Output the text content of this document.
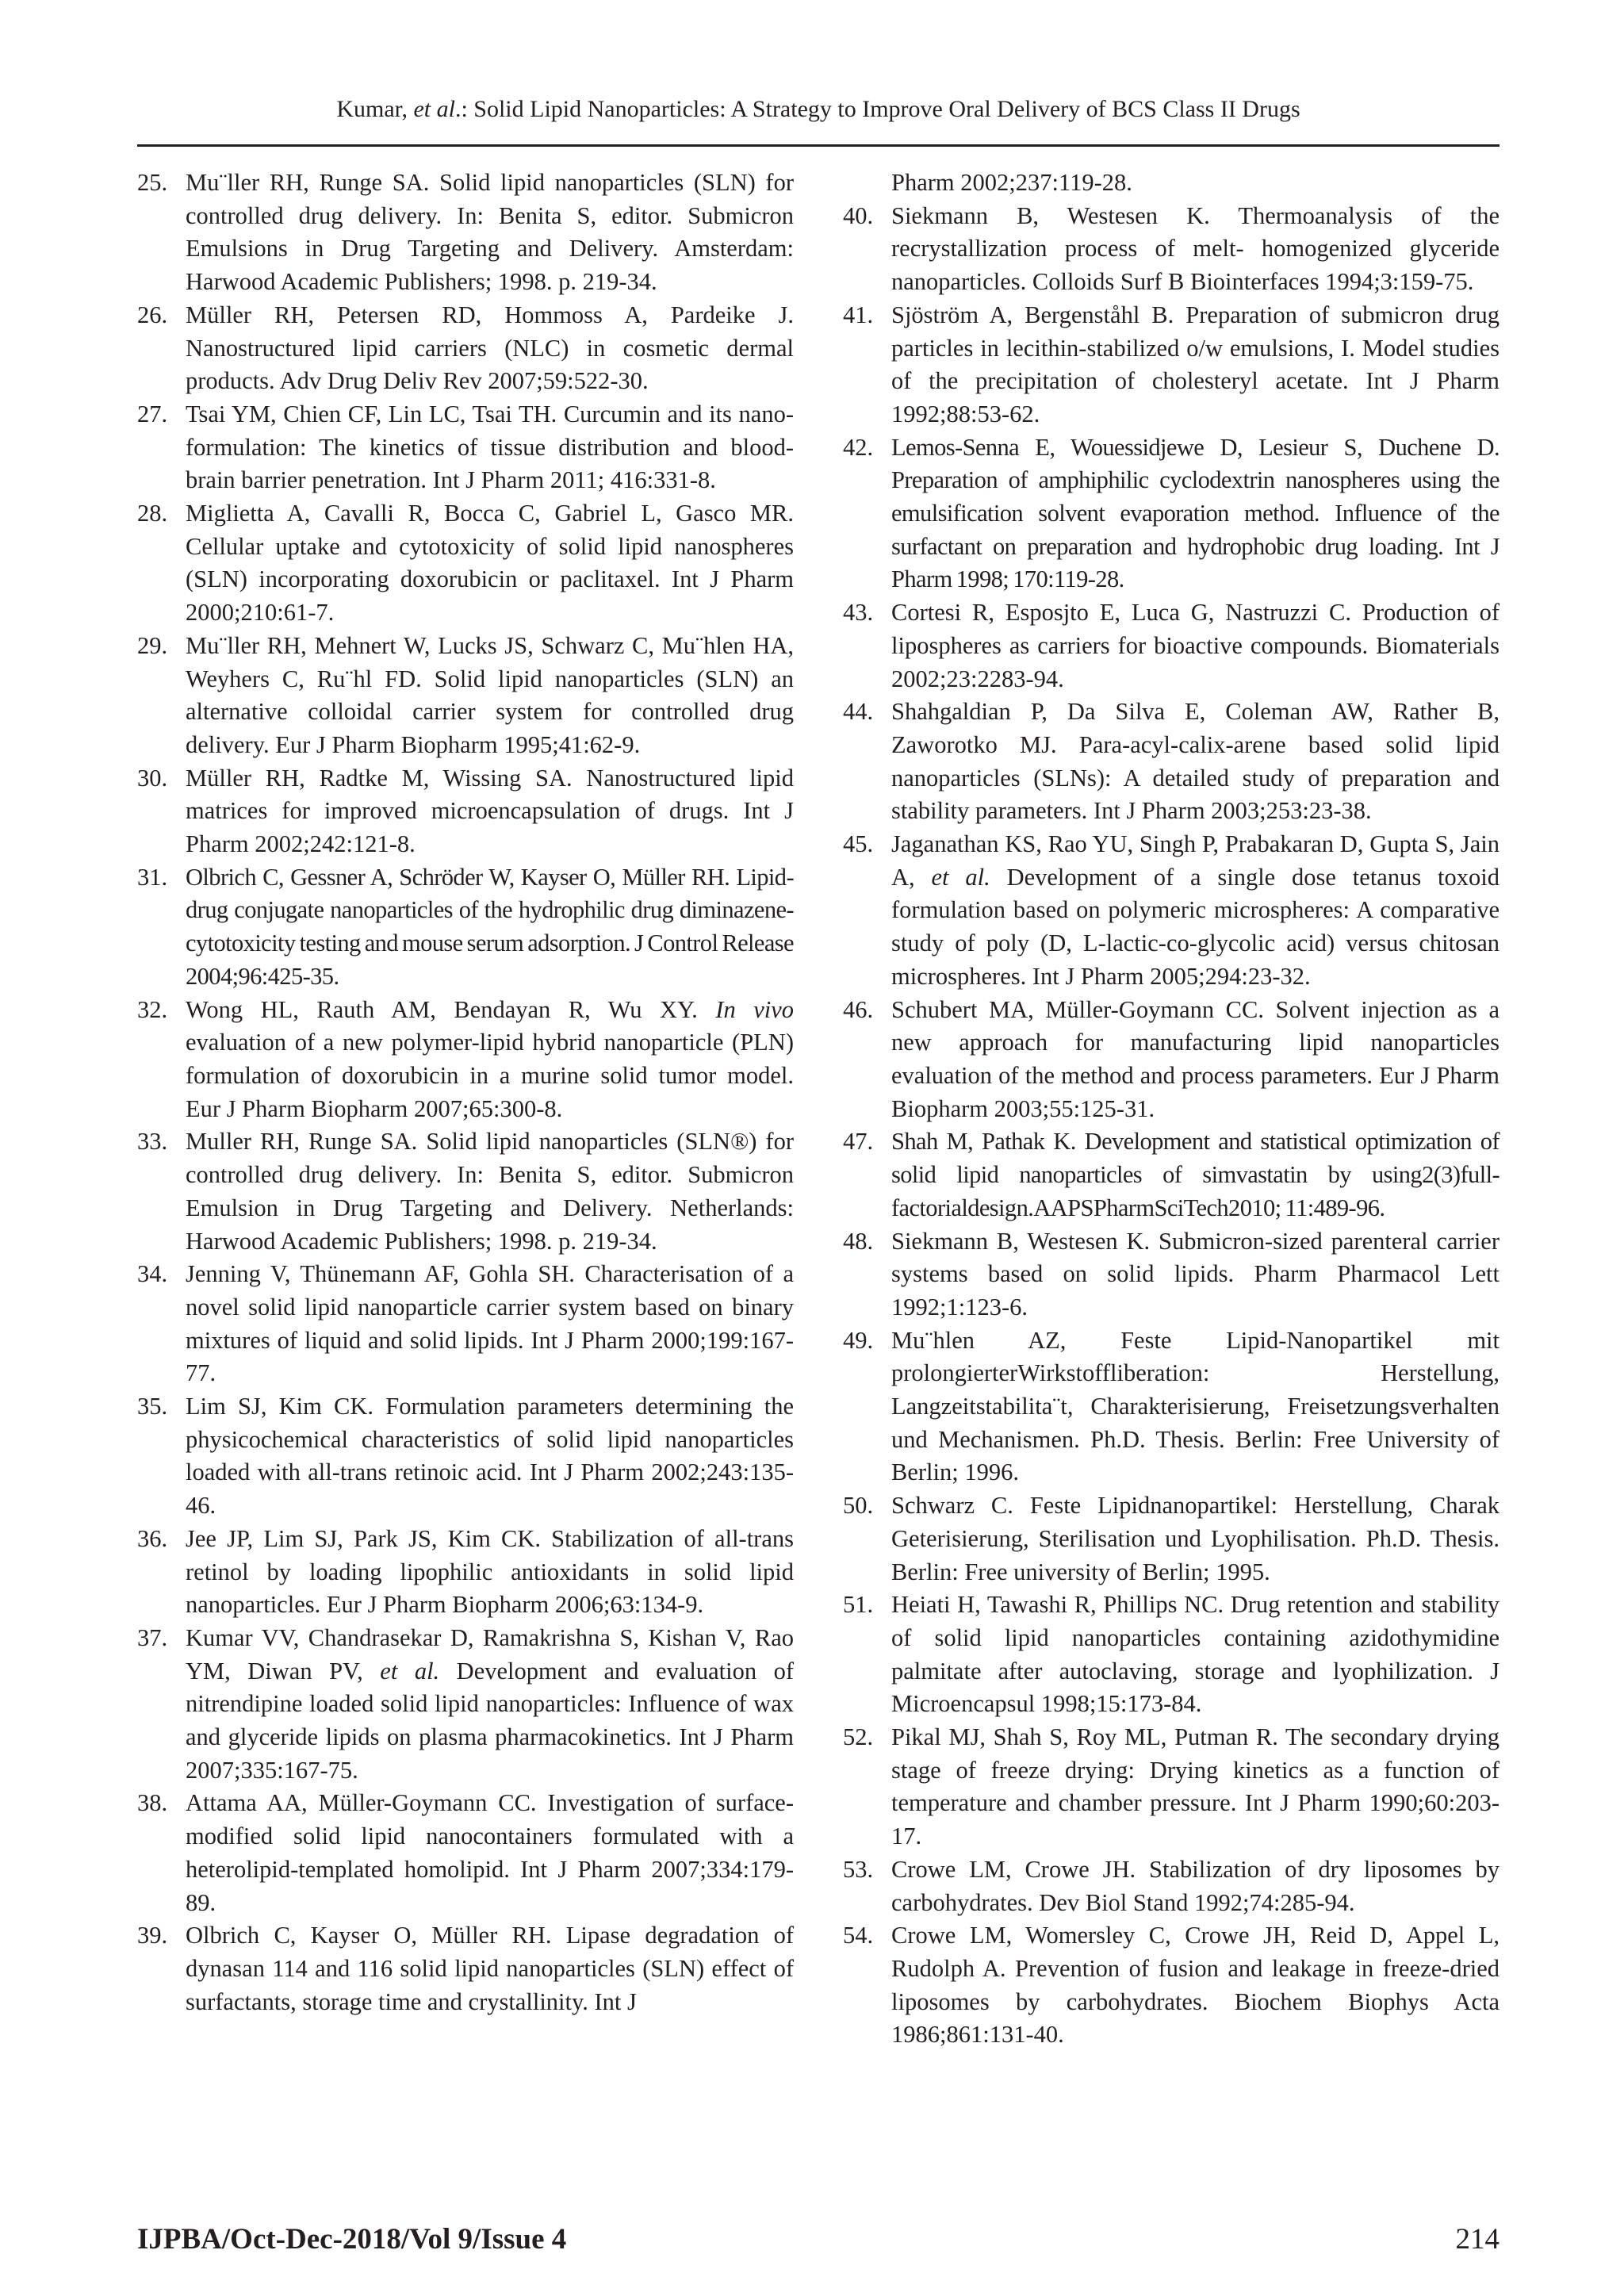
Kumar, et al.: Solid Lipid Nanoparticles: A Strategy to Improve Oral Delivery of BCS Class II Drugs
25. Mu¨ller RH, Runge SA. Solid lipid nanoparticles (SLN) for controlled drug delivery. In: Benita S, editor. Submicron Emulsions in Drug Targeting and Delivery. Amsterdam: Harwood Academic Publishers; 1998. p. 219-34.
26. Müller RH, Petersen RD, Hommoss A, Pardeike J. Nanostructured lipid carriers (NLC) in cosmetic dermal products. Adv Drug Deliv Rev 2007;59:522-30.
27. Tsai YM, Chien CF, Lin LC, Tsai TH. Curcumin and its nano-formulation: The kinetics of tissue distribution and blood-brain barrier penetration. Int J Pharm 2011; 416:331-8.
28. Miglietta A, Cavalli R, Bocca C, Gabriel L, Gasco MR. Cellular uptake and cytotoxicity of solid lipid nanospheres (SLN) incorporating doxorubicin or paclitaxel. Int J Pharm 2000;210:61-7.
29. Mu¨ller RH, Mehnert W, Lucks JS, Schwarz C, Mu¨hlen HA, Weyhers C, Ru¨hl FD. Solid lipid nanoparticles (SLN) an alternative colloidal carrier system for controlled drug delivery. Eur J Pharm Biopharm 1995;41:62-9.
30. Müller RH, Radtke M, Wissing SA. Nanostructured lipid matrices for improved microencapsulation of drugs. Int J Pharm 2002;242:121-8.
31. Olbrich C, Gessner A, Schröder W, Kayser O, Müller RH. Lipid-drug conjugate nanoparticles of the hydrophilic drug diminazene-cytotoxicity testing and mouse serum adsorption. J Control Release 2004;96:425-35.
32. Wong HL, Rauth AM, Bendayan R, Wu XY. In vivo evaluation of a new polymer-lipid hybrid nanoparticle (PLN) formulation of doxorubicin in a murine solid tumor model. Eur J Pharm Biopharm 2007;65:300-8.
33. Muller RH, Runge SA. Solid lipid nanoparticles (SLN®) for controlled drug delivery. In: Benita S, editor. Submicron Emulsion in Drug Targeting and Delivery. Netherlands: Harwood Academic Publishers; 1998. p. 219-34.
34. Jenning V, Thünemann AF, Gohla SH. Characterisation of a novel solid lipid nanoparticle carrier system based on binary mixtures of liquid and solid lipids. Int J Pharm 2000;199:167-77.
35. Lim SJ, Kim CK. Formulation parameters determining the physicochemical characteristics of solid lipid nanoparticles loaded with all-trans retinoic acid. Int J Pharm 2002;243:135-46.
36. Jee JP, Lim SJ, Park JS, Kim CK. Stabilization of all-trans retinol by loading lipophilic antioxidants in solid lipid nanoparticles. Eur J Pharm Biopharm 2006;63:134-9.
37. Kumar VV, Chandrasekar D, Ramakrishna S, Kishan V, Rao YM, Diwan PV, et al. Development and evaluation of nitrendipine loaded solid lipid nanoparticles: Influence of wax and glyceride lipids on plasma pharmacokinetics. Int J Pharm 2007;335:167-75.
38. Attama AA, Müller-Goymann CC. Investigation of surface-modified solid lipid nanocontainers formulated with a heterolipid-templated homolipid. Int J Pharm 2007;334:179-89.
39. Olbrich C, Kayser O, Müller RH. Lipase degradation of dynasan 114 and 116 solid lipid nanoparticles (SLN) effect of surfactants, storage time and crystallinity. Int J
Pharm 2002;237:119-28.
40. Siekmann B, Westesen K. Thermoanalysis of the recrystallization process of melt- homogenized glyceride nanoparticles. Colloids Surf B Biointerfaces 1994;3:159-75.
41. Sjöström A, Bergenståhl B. Preparation of submicron drug particles in lecithin-stabilized o/w emulsions, I. Model studies of the precipitation of cholesteryl acetate. Int J Pharm 1992;88:53-62.
42. Lemos-Senna E, Wouessidjewe D, Lesieur S, Duchene D. Preparation of amphiphilic cyclodextrin nanospheres using the emulsification solvent evaporation method. Influence of the surfactant on preparation and hydrophobic drug loading. Int J Pharm 1998; 170:119-28.
43. Cortesi R, Esposjto E, Luca G, Nastruzzi C. Production of lipospheres as carriers for bioactive compounds. Biomaterials 2002;23:2283-94.
44. Shahgaldian P, Da Silva E, Coleman AW, Rather B, Zaworotko MJ. Para-acyl-calix-arene based solid lipid nanoparticles (SLNs): A detailed study of preparation and stability parameters. Int J Pharm 2003;253:23-38.
45. Jaganathan KS, Rao YU, Singh P, Prabakaran D, Gupta S, Jain A, et al. Development of a single dose tetanus toxoid formulation based on polymeric microspheres: A comparative study of poly (D, L-lactic-co-glycolic acid) versus chitosan microspheres. Int J Pharm 2005;294:23-32.
46. Schubert MA, Müller-Goymann CC. Solvent injection as a new approach for manufacturing lipid nanoparticles evaluation of the method and process parameters. Eur J Pharm Biopharm 2003;55:125-31.
47. Shah M, Pathak K. Development and statistical optimization of solid lipid nanoparticles of simvastatin by using2(3)full-factorialdesign.AAPSPharmSciTech2010; 11:489-96.
48. Siekmann B, Westesen K. Submicron-sized parenteral carrier systems based on solid lipids. Pharm Pharmacol Lett 1992;1:123-6.
49. Mu¨hlen AZ, Feste Lipid-Nanopartikel mit prolongierterWirkstoffliberation: Herstellung, Langzeitstabilita¨t, Charakterisierung, Freisetzungsverhalten und Mechanismen. Ph.D. Thesis. Berlin: Free University of Berlin; 1996.
50. Schwarz C. Feste Lipidnanopartikel: Herstellung, Charak Geterisierung, Sterilisation und Lyophilisation. Ph.D. Thesis. Berlin: Free university of Berlin; 1995.
51. Heiati H, Tawashi R, Phillips NC. Drug retention and stability of solid lipid nanoparticles containing azidothymidine palmitate after autoclaving, storage and lyophilization. J Microencapsul 1998;15:173-84.
52. Pikal MJ, Shah S, Roy ML, Putman R. The secondary drying stage of freeze drying: Drying kinetics as a function of temperature and chamber pressure. Int J Pharm 1990;60:203-17.
53. Crowe LM, Crowe JH. Stabilization of dry liposomes by carbohydrates. Dev Biol Stand 1992;74:285-94.
54. Crowe LM, Womersley C, Crowe JH, Reid D, Appel L, Rudolph A. Prevention of fusion and leakage in freeze-dried liposomes by carbohydrates. Biochem Biophys Acta 1986;861:131-40.
IJPBA/Oct-Dec-2018/Vol 9/Issue 4	214
